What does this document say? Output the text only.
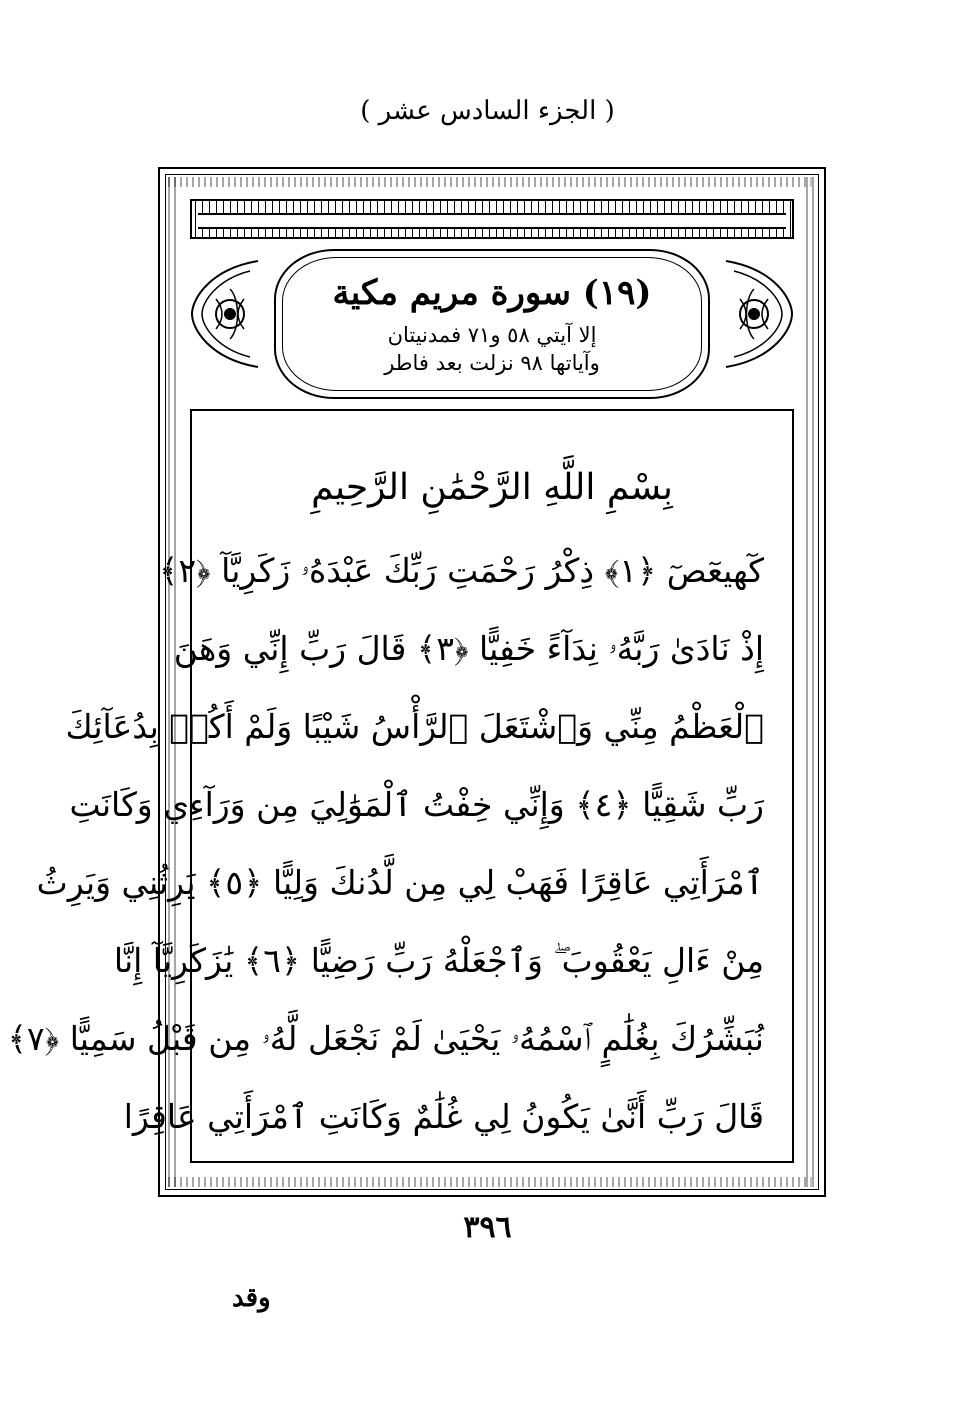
( الجزء السادس عشر )
(١٩) سورة مريم مكية
إلا آيتي ٥٨ و٧١ فمدنيتان
وآياتها ٩٨ نزلت بعد فاطر
بِسْمِ اللَّهِ الرَّحْمَٰنِ الرَّحِيمِ
كٓهيعٓصٓ ﴿١﴾ ذِكْرُ رَحْمَتِ رَبِّكَ عَبْدَهُۥ زَكَرِيَّآ ﴿٢﴾
إِذْ نَادَىٰ رَبَّهُۥ نِدَآءً خَفِيًّا ﴿٣﴾ قَالَ رَبِّ إِنِّي وَهَنَ
ٱلْعَظْمُ مِنِّي وَٱشْتَعَلَ ٱلرَّأْسُ شَيْبًا وَلَمْ أَكُنۢ بِدُعَآئِكَ
رَبِّ شَقِيًّا ﴿٤﴾ وَإِنِّي خِفْتُ ٱلْمَوَٰلِيَ مِن وَرَآءِي وَكَانَتِ
ٱمْرَأَتِي عَاقِرًا فَهَبْ لِي مِن لَّدُنكَ وَلِيًّا ﴿٥﴾ يَرِثُنِي وَيَرِثُ
مِنْ ءَالِ يَعْقُوبَ ۖ وَٱجْعَلْهُ رَبِّ رَضِيًّا ﴿٦﴾ يَٰزَكَرِيَّآ إِنَّا
نُبَشِّرُكَ بِغُلَٰمٍ ٱسْمُهُۥ يَحْيَىٰ لَمْ نَجْعَل لَّهُۥ مِن قَبْلُ سَمِيًّا ﴿٧﴾
قَالَ رَبِّ أَنَّىٰ يَكُونُ لِي غُلَٰمٌ وَكَانَتِ ٱمْرَأَتِي عَاقِرًا
٣٩٦
وقد
